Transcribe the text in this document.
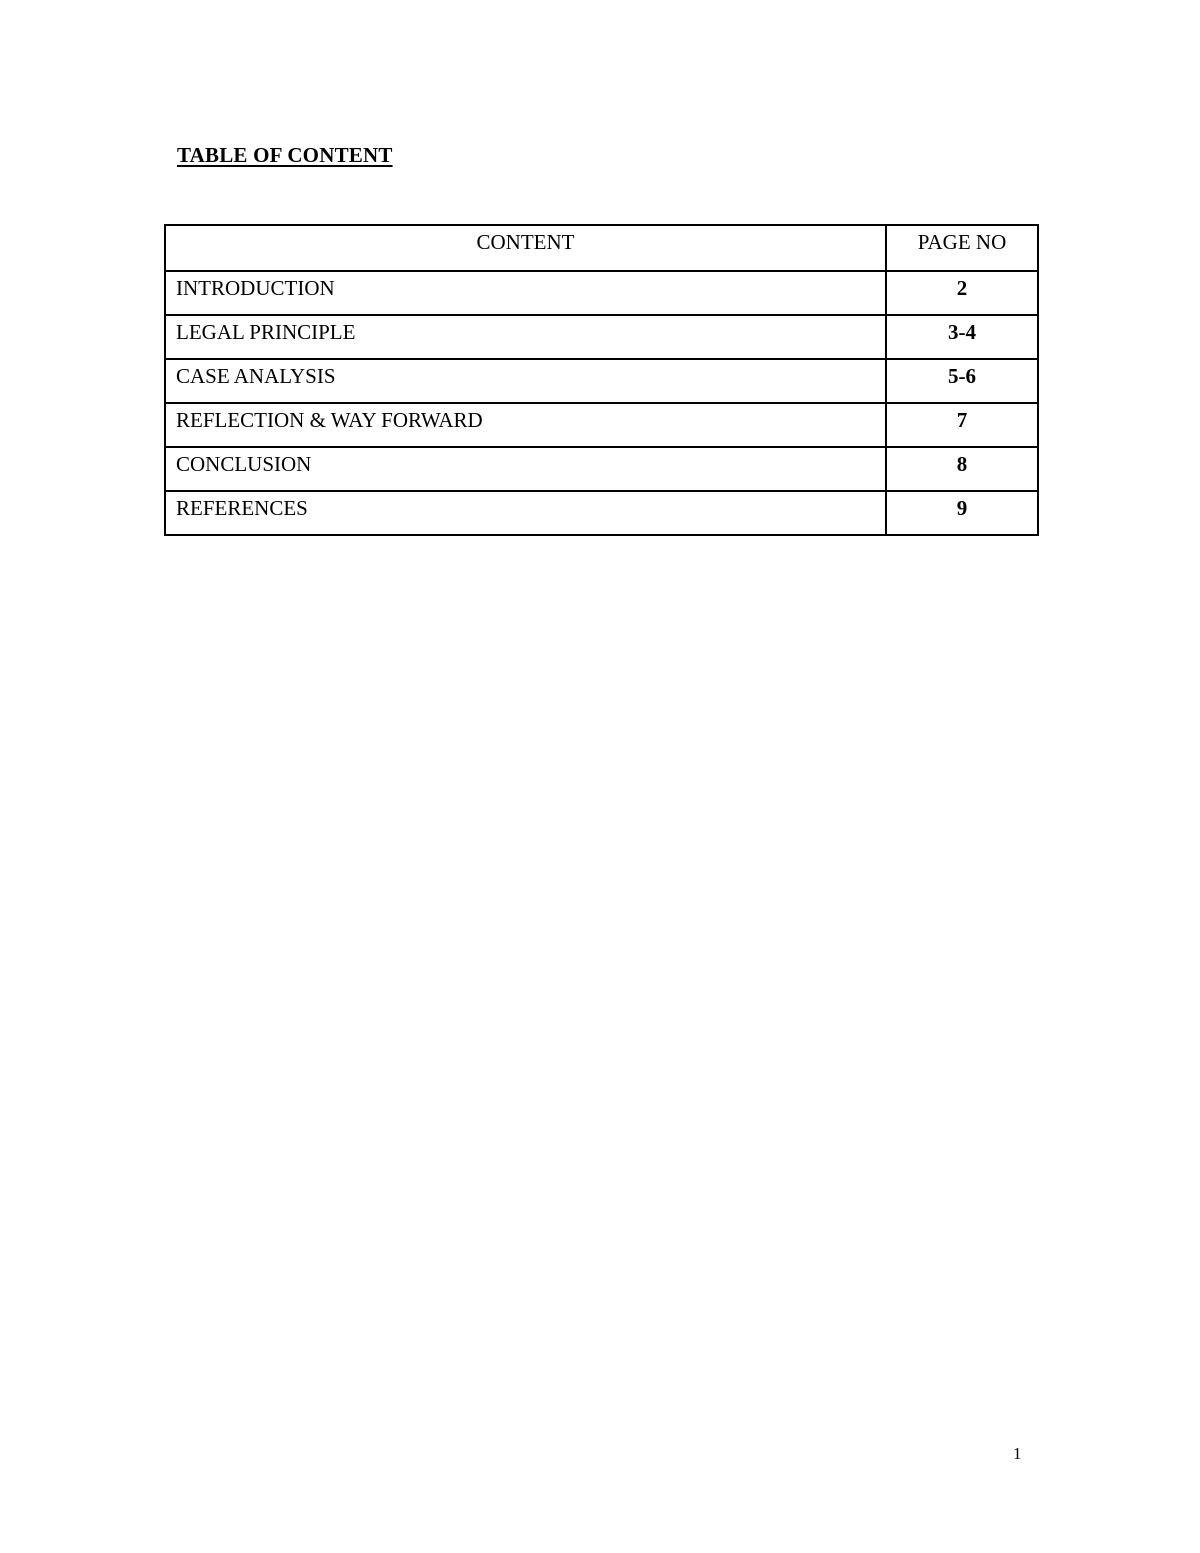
TABLE OF CONTENT
CONTENT	PAGE NO
INTRODUCTION	2
LEGAL PRINCIPLE	3-4
CASE ANALYSIS	5-6
REFLECTION & WAY FORWARD	7
CONCLUSION	8
REFERENCES	9
1
